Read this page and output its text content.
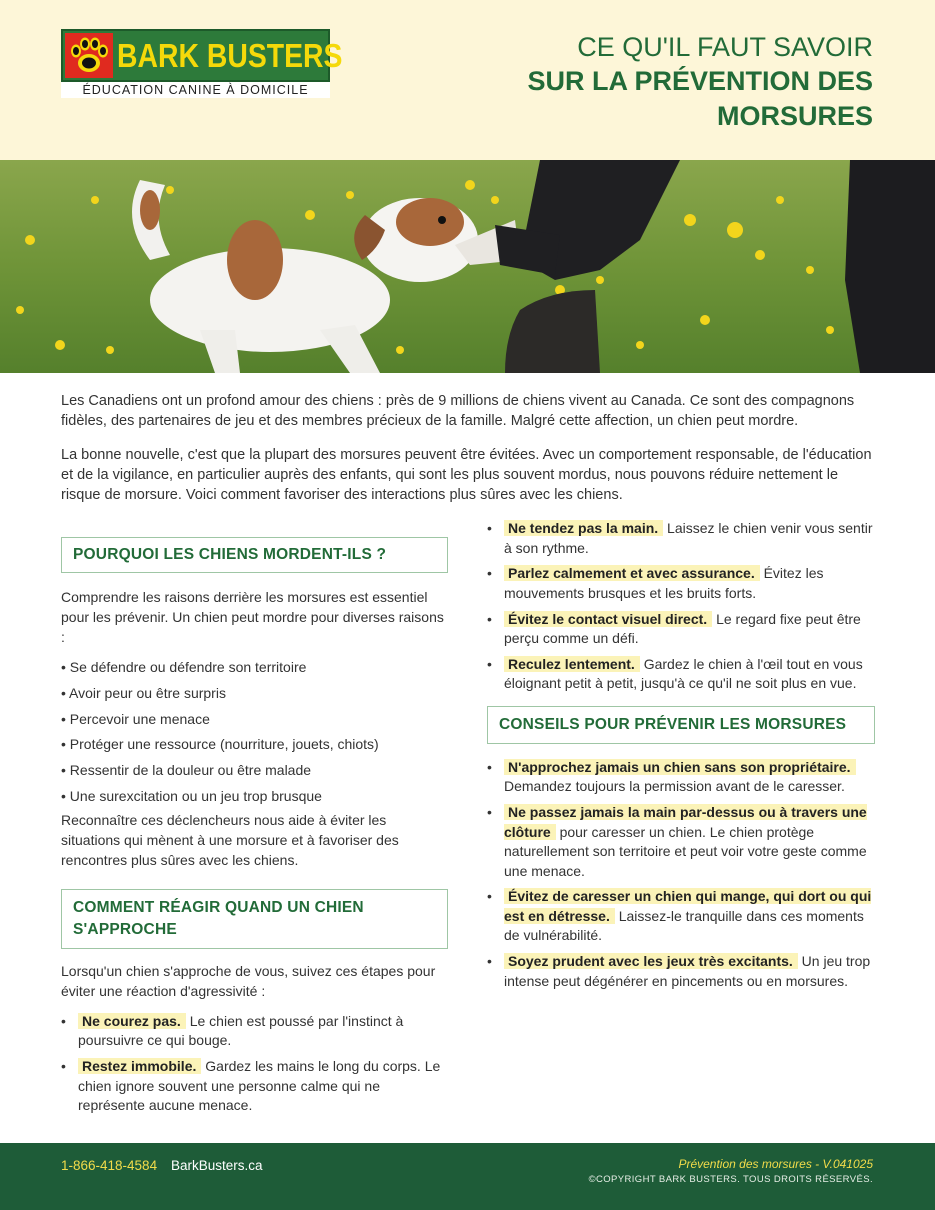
BARK BUSTERS
ÉDUCATION CANINE À DOMICILE
CE QU'IL FAUT SAVOIR
SUR LA PRÉVENTION DES
MORSURES

Les Canadiens ont un profond amour des chiens : près de 9 millions de chiens vivent au Canada. Ce sont des compagnons fidèles, des partenaires de jeu et des membres précieux de la famille. Malgré cette affection, un chien peut mordre.

La bonne nouvelle, c'est que la plupart des morsures peuvent être évitées. Avec un comportement responsable, de l'éducation et de la vigilance, en particulier auprès des enfants, qui sont les plus souvent mordus, nous pouvons réduire nettement le risque de morsure. Voici comment favoriser des interactions plus sûres avec les chiens.

POURQUOI LES CHIENS MORDENT-ILS ?

Comprendre les raisons derrière les morsures est essentiel pour les prévenir. Un chien peut mordre pour diverses raisons :

• Se défendre ou défendre son territoire
• Avoir peur ou être surpris
• Percevoir une menace
• Protéger une ressource (nourriture, jouets, chiots)
• Ressentir de la douleur ou être malade
• Une surexcitation ou un jeu trop brusque

Reconnaître ces déclencheurs nous aide à éviter les situations qui mènent à une morsure et à favoriser des rencontres plus sûres avec les chiens.

COMMENT RÉAGIR QUAND UN CHIEN S'APPROCHE

Lorsqu'un chien s'approche de vous, suivez ces étapes pour éviter une réaction d'agressivité :

• Ne courez pas. Le chien est poussé par l'instinct à poursuivre ce qui bouge.
• Restez immobile. Gardez les mains le long du corps. Le chien ignore souvent une personne calme qui ne représente aucune menace.
• Ne tendez pas la main. Laissez le chien venir vous sentir à son rythme.
• Parlez calmement et avec assurance. Évitez les mouvements brusques et les bruits forts.
• Évitez le contact visuel direct. Le regard fixe peut être perçu comme un défi.
• Reculez lentement. Gardez le chien à l'œil tout en vous éloignant petit à petit, jusqu'à ce qu'il ne soit plus en vue.
CONSEILS POUR PRÉVENIR LES MORSURES
• N'approchez jamais un chien sans son propriétaire. Demandez toujours la permission avant de le caresser.
• Ne passez jamais la main par-dessus ou à travers une clôture pour caresser un chien. Le chien protège naturellement son territoire et peut voir votre geste comme une menace.
• Évitez de caresser un chien qui mange, qui dort ou qui est en détresse. Laissez-le tranquille dans ces moments de vulnérabilité.
• Soyez prudent avec les jeux très excitants. Un jeu trop intense peut dégénérer en pincements ou en morsures.
1-866-418-4584 BarkBusters.ca	Prévention des morsures - V.041025
©COPYRIGHT BARK BUSTERS. TOUS DROITS RÉSERVÉS.
